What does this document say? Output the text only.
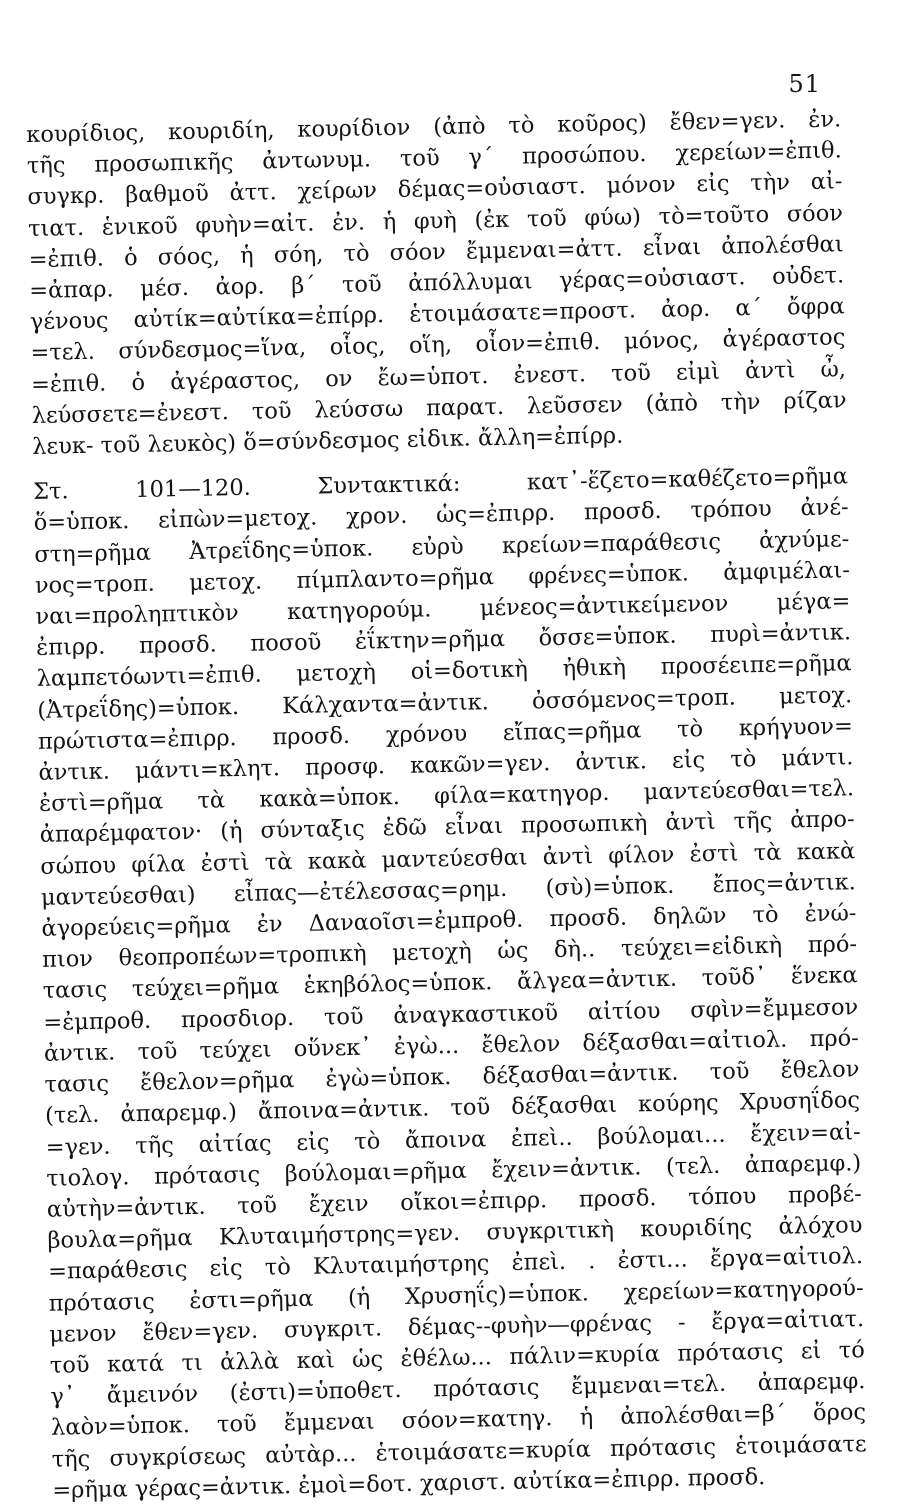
51
κουρίδιος, κουριδίη, κουρίδιον (ἀπὸ τὸ κοῦρος) ἔθεν=γεν. ἐν.
τῆς προσωπικῆς ἀντωνυμ. τοῦ γ΄ προσώπου. χερείων=ἐπιθ.
συγκρ. βαθμοῦ ἀττ. χείρων δέμας=οὐσιαστ. μόνον εἰς τὴν αἰ-
τιατ. ἑνικοῦ φυὴν=αἰτ. ἐν. ἡ φυὴ (ἐκ τοῦ φύω) τὸ=τοῦτο σόον
=ἐπιθ. ὁ σόος, ἡ σόη, τὸ σόον ἔμμεναι=ἀττ. εἶναι ἀπολέσθαι
=ἀπαρ. μέσ. ἀορ. β΄ τοῦ ἀπόλλυμαι γέρας=οὐσιαστ. οὐδετ.
γένους αὐτίκ=αὐτίκα=ἐπίρρ. ἑτοιμάσατε=προστ. ἀορ. α΄ ὄφρα
=τελ. σύνδεσμος=ἵνα, οἷος, οἵη, οἷον=ἐπιθ. μόνος, ἀγέραστος
=ἐπιθ. ὁ ἀγέραστος, ον ἔω=ὑποτ. ἐνεστ. τοῦ εἰμὶ ἀντὶ ὦ,
λεύσσετε=ἐνεστ. τοῦ λεύσσω παρατ. λεῦσσεν (ἀπὸ τὴν ρίζαν
λευκ- τοῦ λευκὸς) ὅ=σύνδεσμος εἰδικ. ἄλλη=ἐπίρρ.
Στ. 101—120. Συντακτικά: κατ᾽-ἕζετο=καθέζετο=ρῆμα
ὅ=ὑποκ. εἰπὼν=μετοχ. χρον. ὡς=ἐπιρρ. προσδ. τρόπου ἀνέ-
στη=ρῆμα Ἀτρεΐδης=ὑποκ. εὐρὺ κρείων=παράθεσις ἀχνύμε-
νος=τροπ. μετοχ. πίμπλαντο=ρῆμα φρένες=ὑποκ. ἀμφιμέλαι-
ναι=προληπτικὸν κατηγορούμ. μένεος=ἀντικείμενον μέγα=
ἐπιρρ. προσδ. ποσοῦ ἐΐκτην=ρῆμα ὄσσε=ὑποκ. πυρὶ=ἀντικ.
λαμπετόωντι=ἐπιθ. μετοχὴ οἱ=δοτικὴ ἠθικὴ προσέειπε=ρῆμα
(Ἀτρεΐδης)=ὑποκ. Κάλχαντα=ἀντικ. ὀσσόμενος=τροπ. μετοχ.
πρώτιστα=ἐπιρρ. προσδ. χρόνου εἴπας=ρῆμα τὸ κρήγυον=
ἀντικ. μάντι=κλητ. προσφ. κακῶν=γεν. ἀντικ. εἰς τὸ μάντι.
ἐστὶ=ρῆμα τὰ κακὰ=ὑποκ. φίλα=κατηγορ. μαντεύεσθαι=τελ.
ἀπαρέμφατον· (ἡ σύνταξις ἐδῶ εἶναι προσωπικὴ ἀντὶ τῆς ἀπρο-
σώπου φίλα ἐστὶ τὰ κακὰ μαντεύεσθαι ἀντὶ φίλον ἐστὶ τὰ κακὰ
μαντεύεσθαι) εἶπας—ἐτέλεσσας=ρημ. (σὺ)=ὑποκ. ἔπος=ἀντικ.
ἀγορεύεις=ρῆμα ἐν Δαναοῖσι=ἐμπροθ. προσδ. δηλῶν τὸ ἐνώ-
πιον θεοπροπέων=τροπικὴ μετοχὴ ὡς δὴ.. τεύχει=εἰδικὴ πρό-
τασις τεύχει=ρῆμα ἑκηβόλος=ὑποκ. ἄλγεα=ἀντικ. τοῦδ᾽ ἕνεκα
=ἐμπροθ. προσδιορ. τοῦ ἀναγκαστικοῦ αἰτίου σφὶν=ἔμμεσον
ἀντικ. τοῦ τεύχει οὕνεκ᾽ ἐγὼ... ἔθελον δέξασθαι=αἰτιολ. πρό-
τασις ἔθελον=ρῆμα ἐγὼ=ὑποκ. δέξασθαι=ἀντικ. τοῦ ἔθελον
(τελ. ἀπαρεμφ.) ἄποινα=ἀντικ. τοῦ δέξασθαι κούρης Χρυσηΐδος
=γεν. τῆς αἰτίας εἰς τὸ ἄποινα ἐπεὶ.. βούλομαι... ἔχειν=αἰ-
τιολογ. πρότασις βούλομαι=ρῆμα ἔχειν=ἀντικ. (τελ. ἀπαρεμφ.)
αὐτὴν=ἀντικ. τοῦ ἔχειν οἴκοι=ἐπιρρ. προσδ. τόπου προβέ-
βουλα=ρῆμα Κλυταιμήστρης=γεν. συγκριτικὴ κουριδίης ἀλόχου
=παράθεσις εἰς τὸ Κλυταιμήστρης ἐπεὶ. . ἐστι... ἔργα=αἰτιολ.
πρότασις ἐστι=ρῆμα (ἡ Χρυσηΐς)=ὑποκ. χερείων=κατηγορού-
μενον ἔθεν=γεν. συγκριτ. δέμας--φυὴν—φρένας - ἔργα=αἰτιατ.
τοῦ κατά τι ἀλλὰ καὶ ὡς ἐθέλω... πάλιν=κυρία πρότασις εἰ τό
γ᾽ ἄμεινόν (ἐστι)=ὑποθετ. πρότασις ἔμμεναι=τελ. ἀπαρεμφ.
λαὸν=ὑποκ. τοῦ ἔμμεναι σόον=κατηγ. ἡ ἀπολέσθαι=β΄ ὅρος
τῆς συγκρίσεως αὐτὰρ... ἑτοιμάσατε=κυρία πρότασις ἑτοιμάσατε
=ρῆμα γέρας=ἀντικ. ἐμοὶ=δοτ. χαριστ. αὐτίκα=ἐπιρρ. προσδ.
